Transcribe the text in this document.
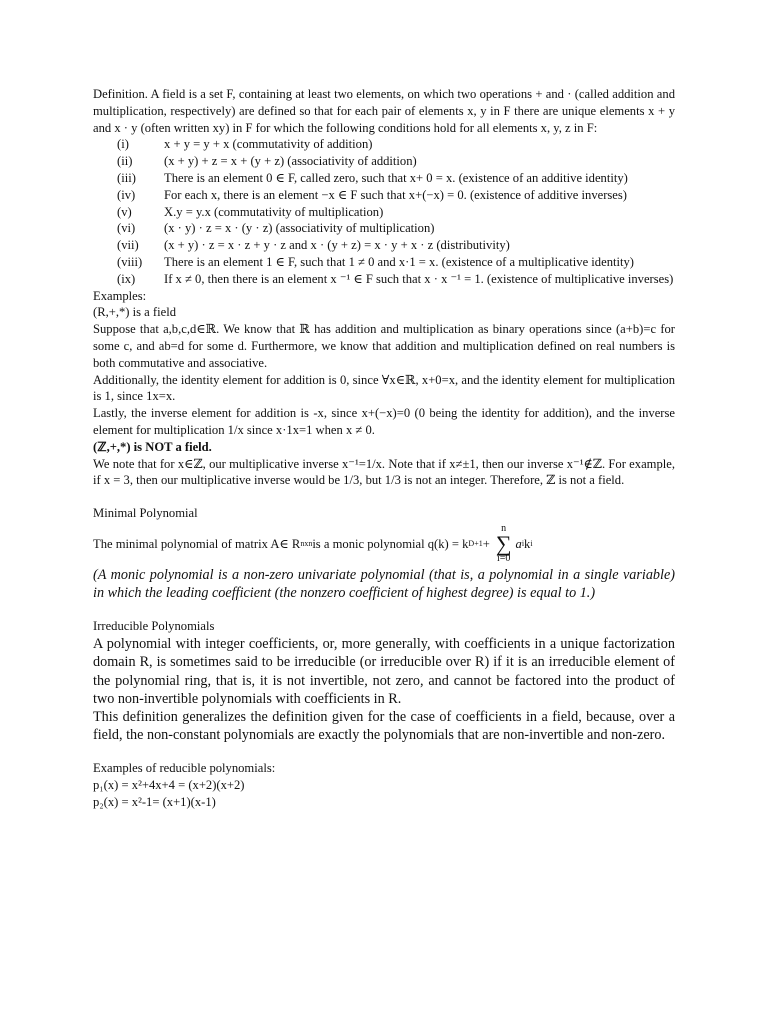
Definition. A field is a set F, containing at least two elements, on which two operations + and · (called addition and multiplication, respectively) are defined so that for each pair of elements x, y in F there are unique elements x + y and x · y (often written xy) in F for which the following conditions hold for all elements x, y, z in F:

(i)	x + y = y + x (commutativity of addition)
(ii)	(x + y) + z = x + (y + z) (associativity of addition)
(iii)	There is an element 0 ∈ F, called zero, such that x+ 0 = x. (existence of an additive identity)
(iv)	For each x, there is an element −x ∈ F such that x+(−x) = 0. (existence of additive inverses)
(v)	X.y = y.x (commutativity of multiplication)
(vi)	(x · y) · z = x · (y · z) (associativity of multiplication)
(vii)	(x + y) · z = x · z + y · z and x · (y + z) = x · y + x · z (distributivity)
(viii)	There is an element 1 ∈ F, such that 1 ≠ 0 and x·1 = x. (existence of a multiplicative identity)
(ix)	If x ≠ 0, then there is an element x ⁻¹ ∈ F such that x · x ⁻¹ = 1. (existence of multiplicative inverses)

Examples:

(R,+,*) is a field

Suppose that a,b,c,d∈ℝ. We know that ℝ has addition and multiplication as binary operations since (a+b)=c for some c, and ab=d for some d. Furthermore, we know that addition and multiplication defined on real numbers is both commutative and associative.

Additionally, the identity element for addition is 0, since ∀x∈ℝ, x+0=x, and the identity element for multiplication is 1, since 1x=x.

Lastly, the inverse element for addition is -x, since x+(−x)=0 (0 being the identity for addition), and the inverse element for multiplication 1/x since x·1x=1 when x ≠ 0.

(ℤ,+,*) is NOT a field.

We note that for x∈ℤ, our multiplicative inverse x⁻¹=1/x. Note that if x≠±1, then our inverse x⁻¹∉ℤ. For example, if x = 3, then our multiplicative inverse would be 1/3, but 1/3 is not an integer. Therefore, ℤ is not a field.

Minimal Polynomial

The minimal polynomial of matrix A∈ R nxn is a monic polynomial q(k) = k D+1 +
n
∑
i=0
a i k i

(A monic polynomial is a non-zero univariate polynomial (that is, a polynomial in a single variable) in which the leading coefficient (the nonzero coefficient of highest degree) is equal to 1.)

Irreducible Polynomials

A polynomial with integer coefficients, or, more generally, with coefficients in a unique factorization domain R, is sometimes said to be irreducible (or irreducible over R) if it is an irreducible element of the polynomial ring, that is, it is not invertible, not zero, and cannot be factored into the product of two non-invertible polynomials with coefficients in R.

This definition generalizes the definition given for the case of coefficients in a field, because, over a field, the non-constant polynomials are exactly the polynomials that are non-invertible and non-zero.

Examples of reducible polynomials:

p₁(x) = x²+4x+4 = (x+2)(x+2)

p₂(x) = x²-1= (x+1)(x-1)
